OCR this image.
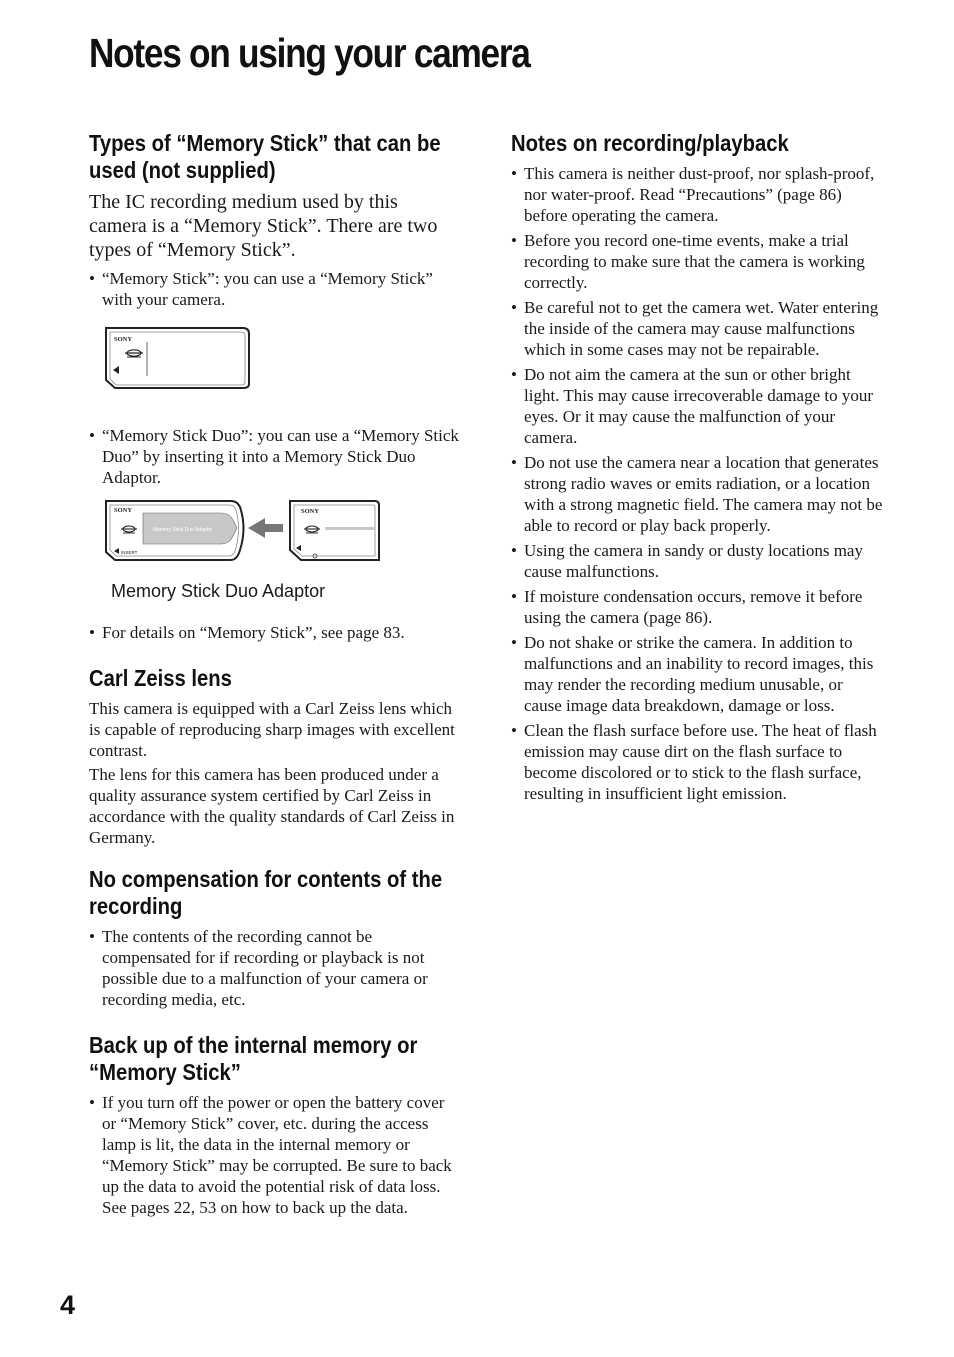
Notes on using your camera
Types of “Memory Stick” that can be used (not supplied)

The IC recording medium used by this camera is a “Memory Stick”. There are two types of “Memory Stick”.

• “Memory Stick”: you can use a “Memory Stick” with your camera.
SONY
• “Memory Stick Duo”: you can use a “Memory Stick Duo” by inserting it into a Memory Stick Duo Adaptor.
SONY
Memory Stick Duo Adaptor
INSERT
SONY
Memory Stick Duo Adaptor
• For details on “Memory Stick”, see page 83.
Carl Zeiss lens

This camera is equipped with a Carl Zeiss lens which is capable of reproducing sharp images with excellent contrast.

The lens for this camera has been produced under a quality assurance system certified by Carl Zeiss in accordance with the quality standards of Carl Zeiss in Germany.

No compensation for contents of the recording
• The contents of the recording cannot be compensated for if recording or playback is not possible due to a malfunction of your camera or recording media, etc.
Back up of the internal memory or “Memory Stick”
• If you turn off the power or open the battery cover or “Memory Stick” cover, etc. during the access lamp is lit, the data in the internal memory or “Memory Stick” may be corrupted. Be sure to back up the data to avoid the potential risk of data loss. See pages 22, 53 on how to back up the data.
Notes on recording/playback
• This camera is neither dust-proof, nor splash-proof, nor water-proof. Read “Precautions” (page 86) before operating the camera.
• Before you record one-time events, make a trial recording to make sure that the camera is working correctly.
• Be careful not to get the camera wet. Water entering the inside of the camera may cause malfunctions which in some cases may not be repairable.
• Do not aim the camera at the sun or other bright light. This may cause irrecoverable damage to your eyes. Or it may cause the malfunction of your camera.
• Do not use the camera near a location that generates strong radio waves or emits radiation, or a location with a strong magnetic field. The camera may not be able to record or play back properly.
• Using the camera in sandy or dusty locations may cause malfunctions.
• If moisture condensation occurs, remove it before using the camera (page 86).
• Do not shake or strike the camera. In addition to malfunctions and an inability to record images, this may render the recording medium unusable, or cause image data breakdown, damage or loss.
• Clean the flash surface before use. The heat of flash emission may cause dirt on the flash surface to become discolored or to stick to the flash surface, resulting in insufficient light emission.
4
